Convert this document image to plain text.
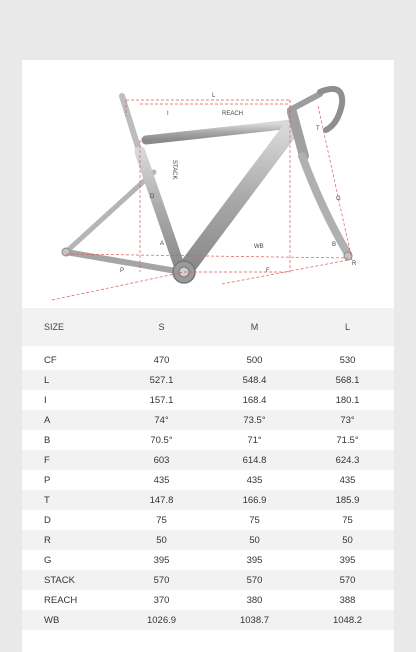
L
REACH
I
T
STACK
D	G
A	WB	B
F
P
R
SIZE	S	M	L

CF	470	500	530
L	527.1	548.4	568.1
I	157.1	168.4	180.1
A	74°	73.5°	73°
B	70.5°	71°	71.5°
F	603	614.8	624.3
P	435	435	435
T	147.8	166.9	185.9
D	75	75	75
R	50	50	50
G	395	395	395
STACK	570	570	570
REACH	370	380	388
WB	1026.9	1038.7	1048.2
